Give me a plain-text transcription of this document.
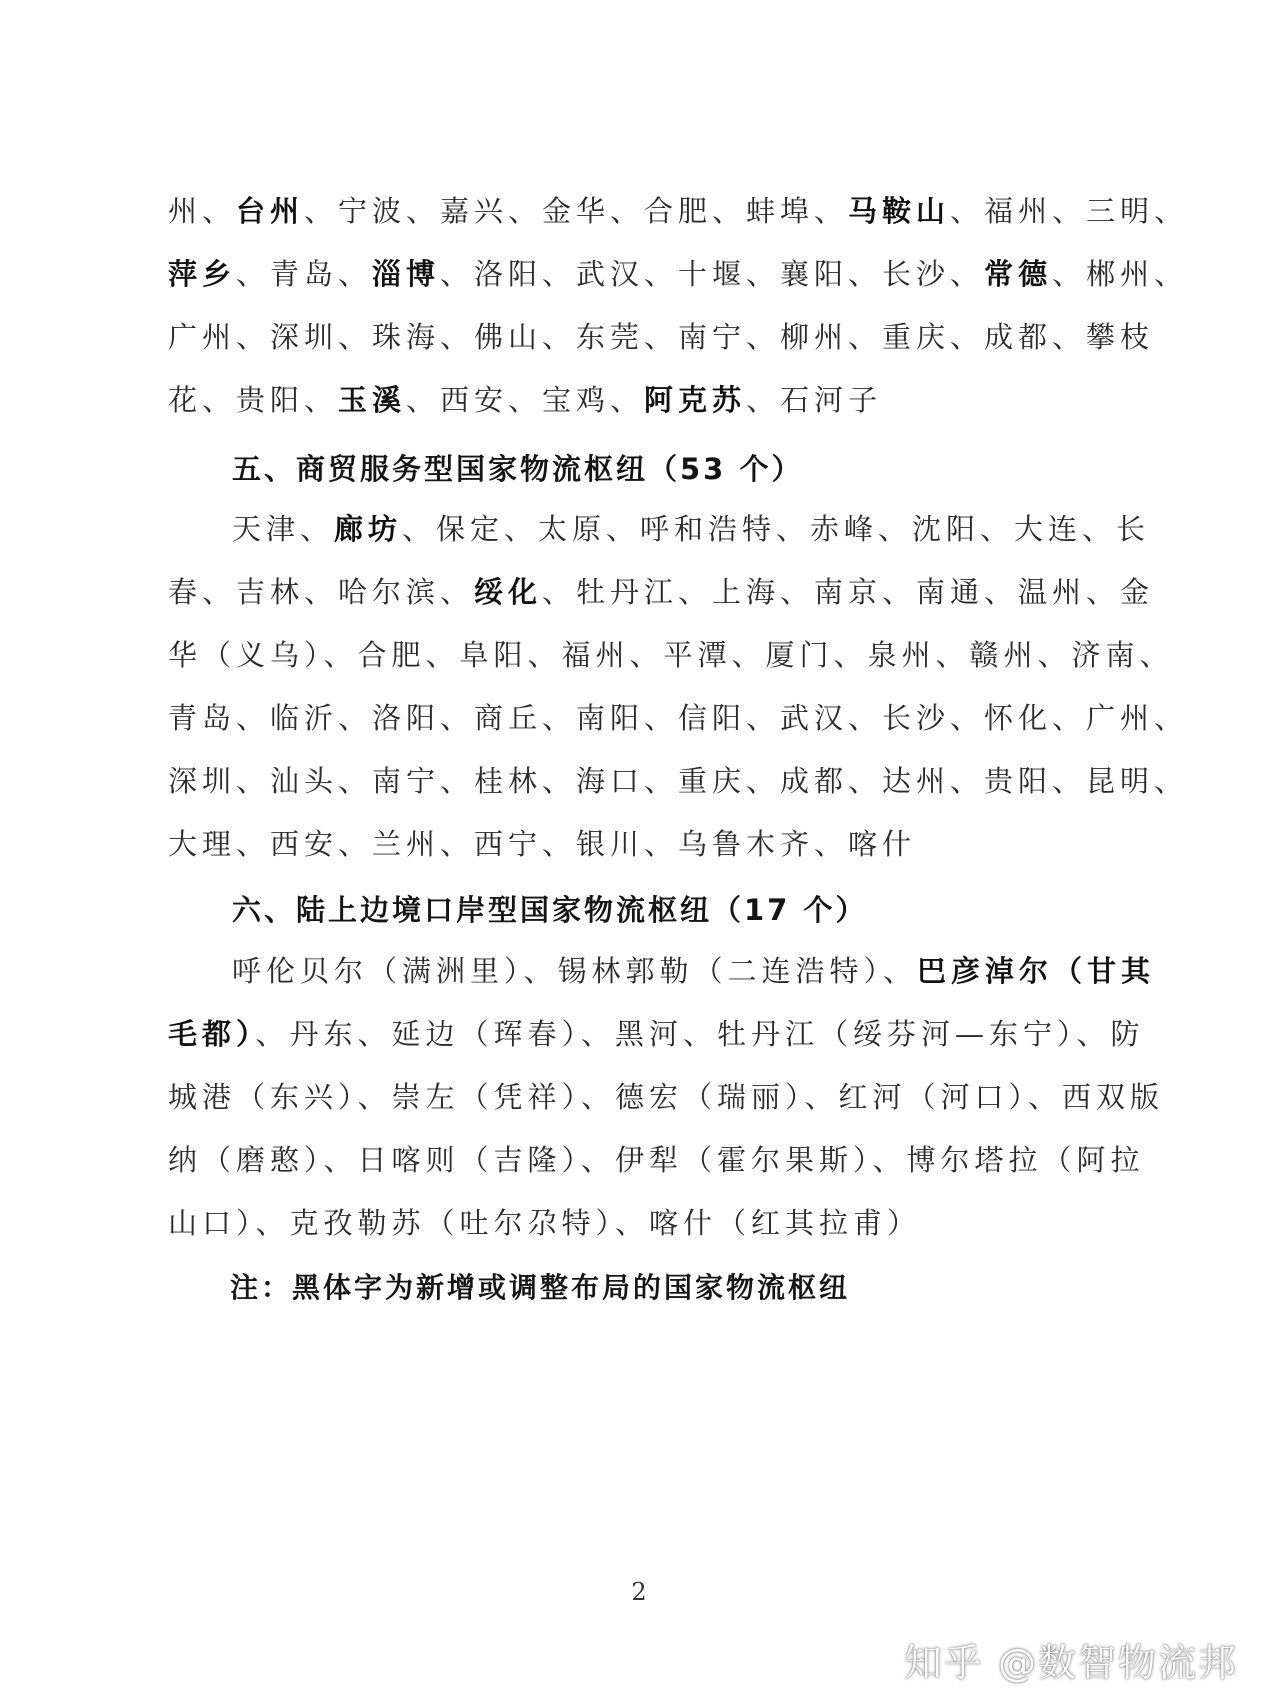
州、台州、宁波、嘉兴、金华、合肥、蚌埠、马鞍山、福州、三明、
萍乡、青岛、淄博、洛阳、武汉、十堰、襄阳、长沙、常德、郴州、
广州、深圳、珠海、佛山、东莞、南宁、柳州、重庆、成都、攀枝
花、贵阳、玉溪、西安、宝鸡、阿克苏、石河子
五、商贸服务型国家物流枢纽（53 个）
天津、廊坊、保定、太原、呼和浩特、赤峰、沈阳、大连、长
春、吉林、哈尔滨、绥化、牡丹江、上海、南京、南通、温州、金
华（义乌）、合肥、阜阳、福州、平潭、厦门、泉州、赣州、济南、
青岛、临沂、洛阳、商丘、南阳、信阳、武汉、长沙、怀化、广州、
深圳、汕头、南宁、桂林、海口、重庆、成都、达州、贵阳、昆明、
大理、西安、兰州、西宁、银川、乌鲁木齐、喀什
六、陆上边境口岸型国家物流枢纽（17 个）
呼伦贝尔（满洲里）、锡林郭勒（二连浩特）、巴彦淖尔（甘其
毛都）、丹东、延边（珲春）、黑河、牡丹江（绥芬河—东宁）、防
城港（东兴）、崇左（凭祥）、德宏（瑞丽）、红河（河口）、西双版
纳（磨憨）、日喀则（吉隆）、伊犁（霍尔果斯）、博尔塔拉（阿拉
山口）、克孜勒苏（吐尔尕特）、喀什（红其拉甫）
注：黑体字为新增或调整布局的国家物流枢纽
2
知乎 @数智物流邦
